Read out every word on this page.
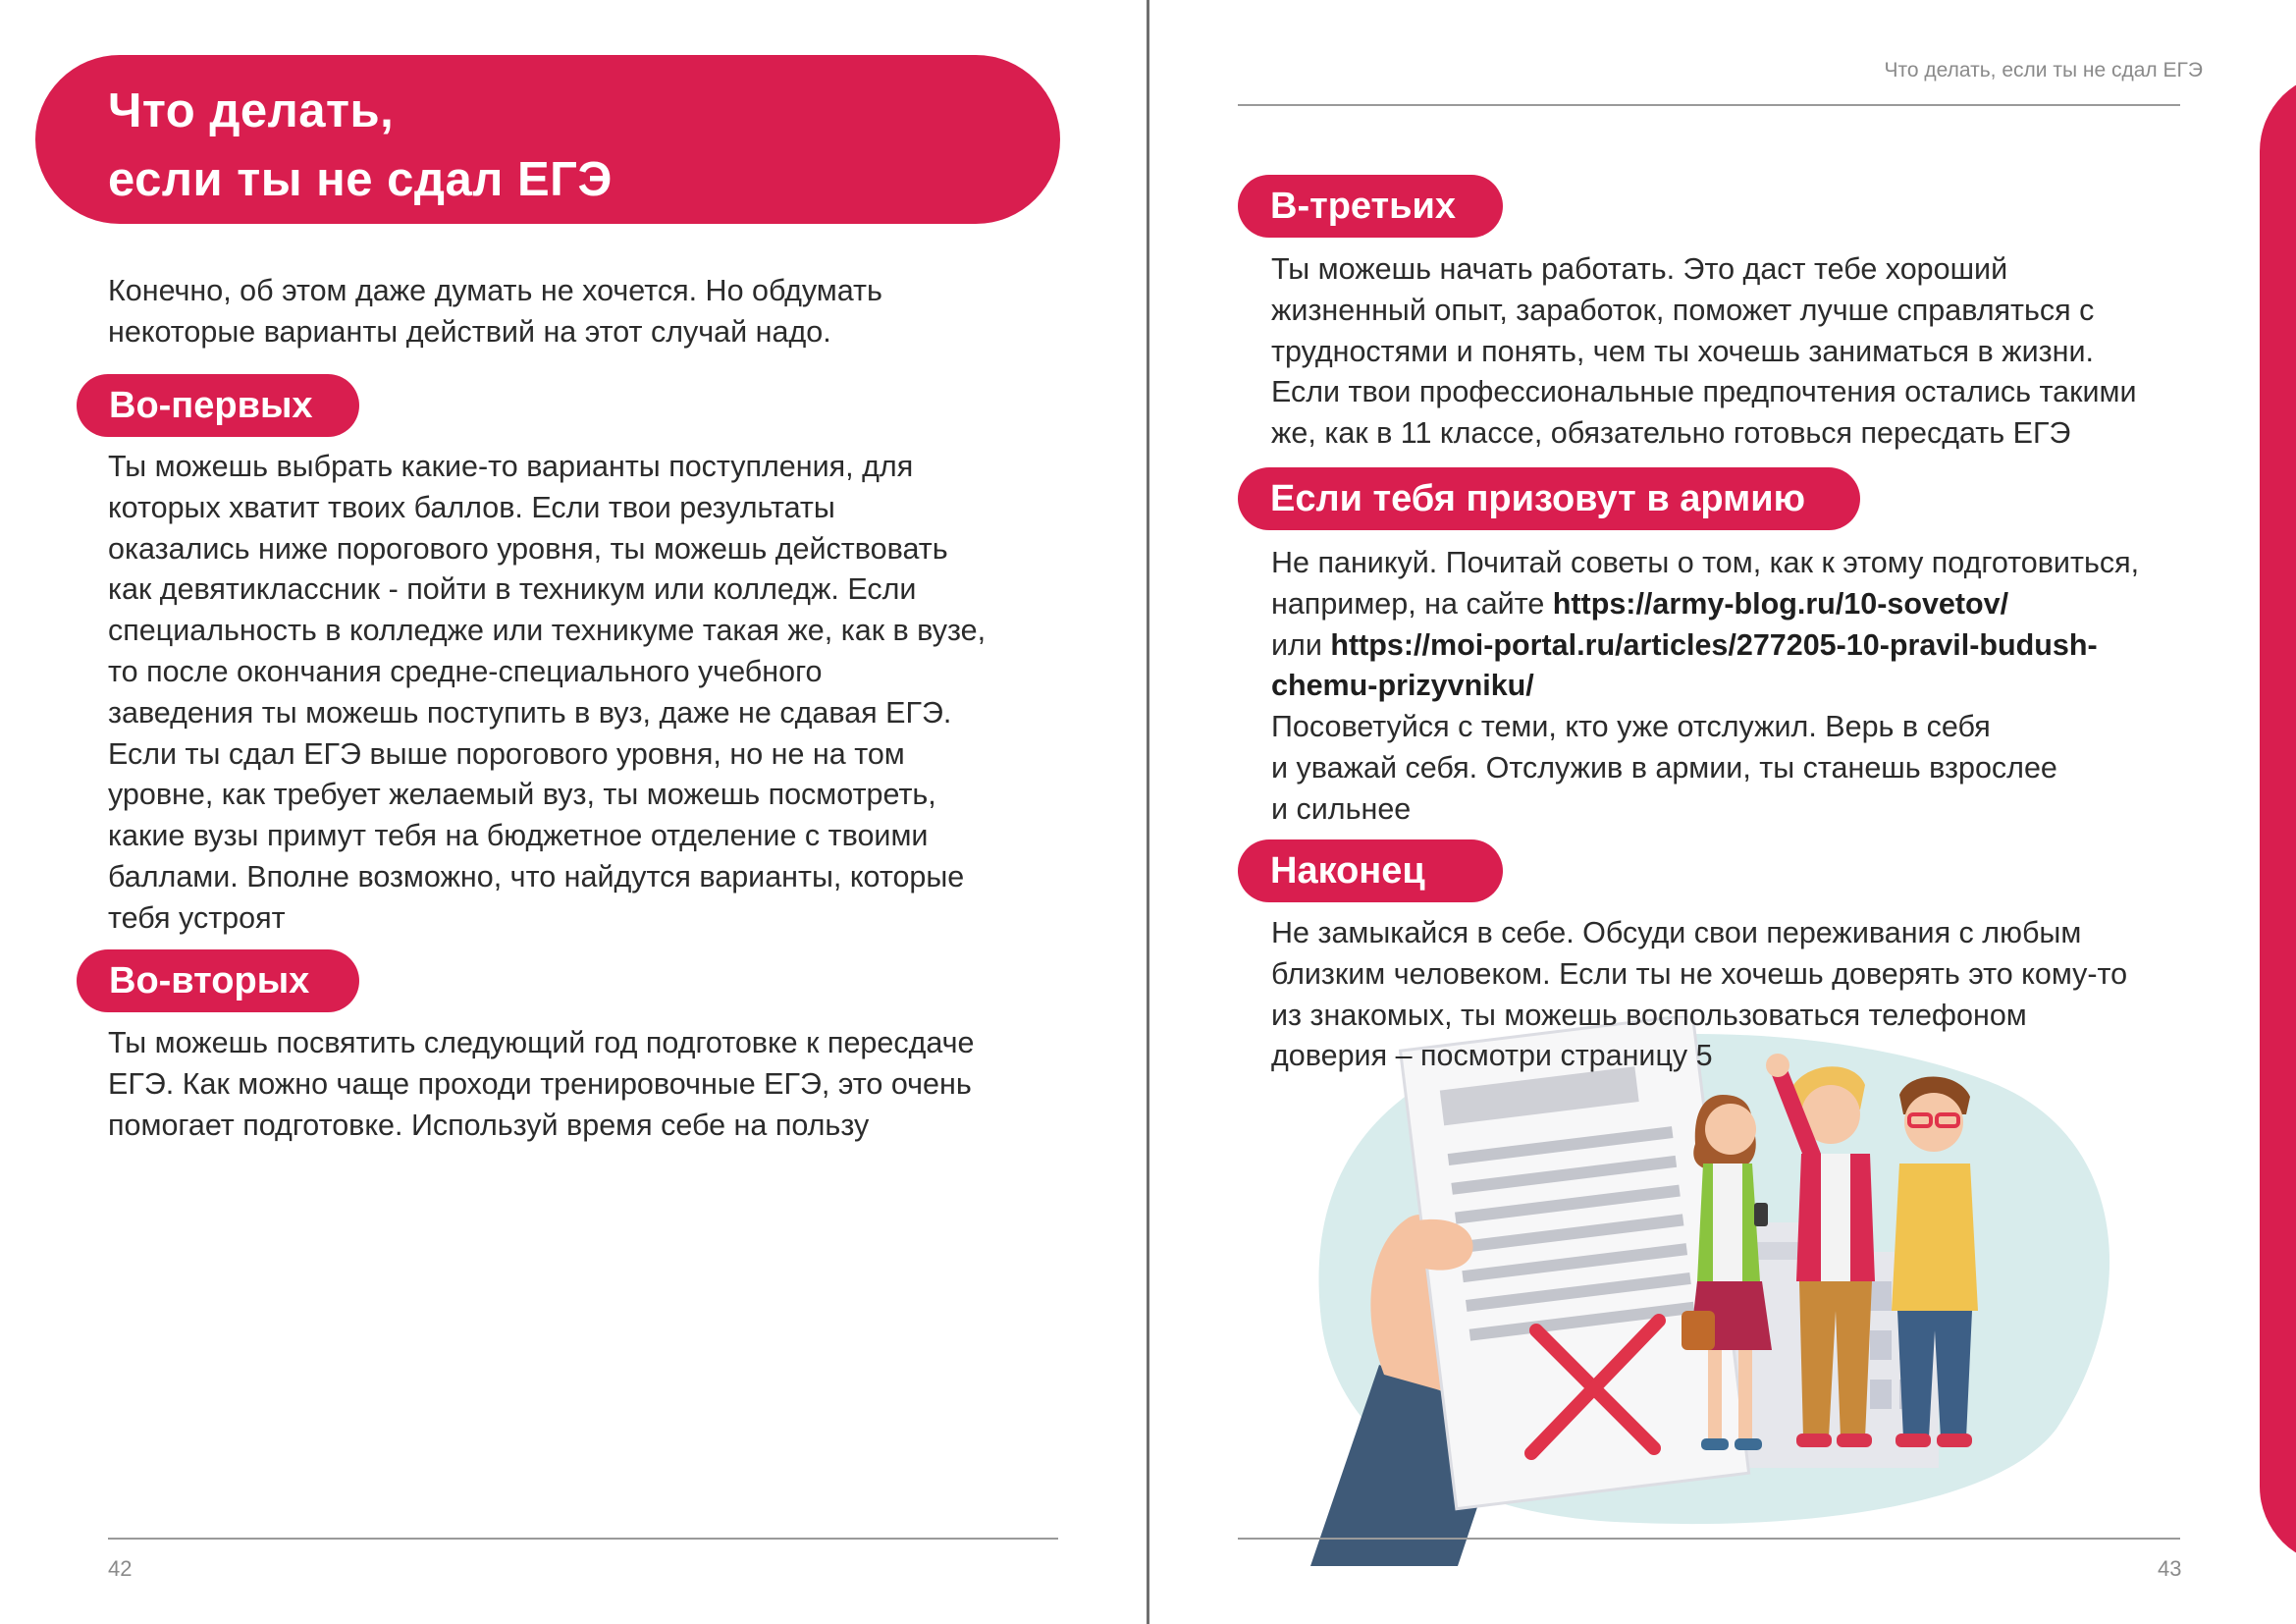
Что делать,
если ты не сдал ЕГЭ

Конечно, об этом даже думать не хочется. Но обдумать
некоторые варианты действий на этот случай надо.

Во-первых

Ты можешь выбрать какие-то варианты поступления, для
которых хватит твоих баллов. Если твои результаты
оказались ниже порогового уровня, ты можешь действовать
как девятиклассник - пойти в техникум или колледж. Если
специальность в колледже или техникуме такая же, как в вузе,
то после окончания средне-специального учебного
заведения ты можешь поступить в вуз, даже не сдавая ЕГЭ.
Если ты сдал ЕГЭ выше порогового уровня, но не на том
уровне, как требует желаемый вуз, ты можешь посмотреть,
какие вузы примут тебя на бюджетное отделение с твоими
баллами. Вполне возможно, что найдутся варианты, которые
тебя устроят

Во-вторых

Ты можешь посвятить следующий год подготовке к пересдаче
ЕГЭ. Как можно чаще проходи тренировочные ЕГЭ, это очень
помогает подготовке. Используй время себе на пользу

42
Что делать, если ты не сдал ЕГЭ
В-третьих

Ты можешь начать работать. Это даст тебе хороший
жизненный опыт, заработок, поможет лучше справляться с
трудностями и понять, чем ты хочешь заниматься в жизни.
Если твои профессиональные предпочтения остались такими
же, как в 11 классе, обязательно готовься пересдать ЕГЭ

Если тебя призовут в армию
Не паникуй. Почитай советы о том, как к этому подготовиться,
например, на сайте https://army-blog.ru/10-sovetov/
или https://moi-portal.ru/articles/277205-10-pravil-budush-
chemu-prizyvniku/
Посоветуйся с теми, кто уже отслужил. Верь в себя
и уважай себя. Отслужив в армии, ты станешь взрослее
и сильнее
Наконец

Не замыкайся в себе. Обсуди свои переживания с любым
близким человеком. Если ты не хочешь доверять это кому-то
из знакомых, ты можешь воспользоваться телефоном
доверия – посмотри страницу 5

43
